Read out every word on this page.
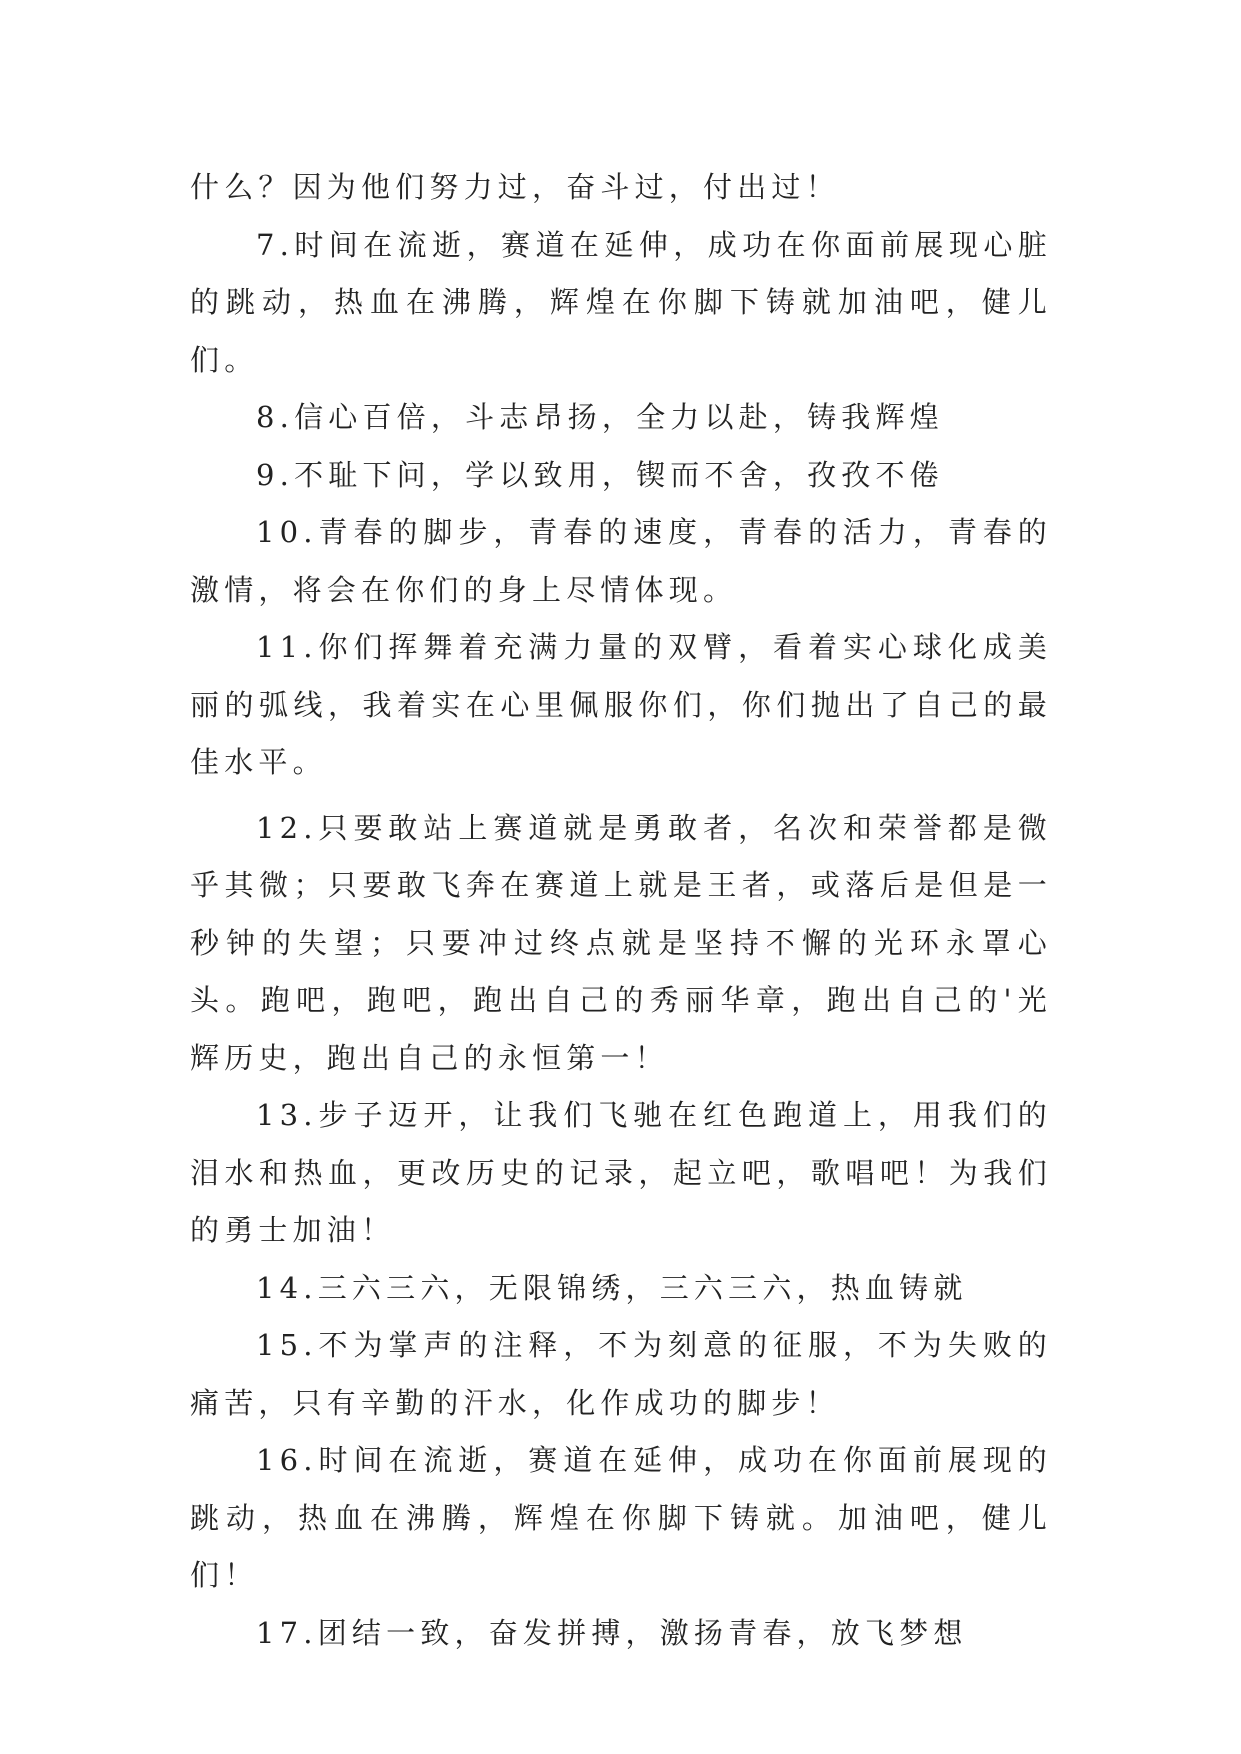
什么？因为他们努力过，奋斗过，付出过！

7.时间在流逝，赛道在延伸，成功在你面前展现心脏的跳动，热血在沸腾，辉煌在你脚下铸就加油吧，健儿们。

8.信心百倍，斗志昂扬，全力以赴，铸我辉煌

9.不耻下问，学以致用，锲而不舍，孜孜不倦

10.青春的脚步，青春的速度，青春的活力，青春的激情，将会在你们的身上尽情体现。

11.你们挥舞着充满力量的双臂，看着实心球化成美丽的弧线，我着实在心里佩服你们，你们抛出了自己的最佳水平。

12.只要敢站上赛道就是勇敢者，名次和荣誉都是微乎其微；只要敢飞奔在赛道上就是王者，或落后是但是一秒钟的失望；只要冲过终点就是坚持不懈的光环永罩心头。跑吧，跑吧，跑出自己的秀丽华章，跑出自己的'光辉历史，跑出自己的永恒第一！

13.步子迈开，让我们飞驰在红色跑道上，用我们的泪水和热血，更改历史的记录，起立吧，歌唱吧！为我们的勇士加油！

14.三六三六，无限锦绣，三六三六，热血铸就

15.不为掌声的注释，不为刻意的征服，不为失败的痛苦，只有辛勤的汗水，化作成功的脚步！

16.时间在流逝，赛道在延伸，成功在你面前展现的跳动，热血在沸腾，辉煌在你脚下铸就。加油吧，健儿们！

17.团结一致，奋发拼搏，激扬青春，放飞梦想
